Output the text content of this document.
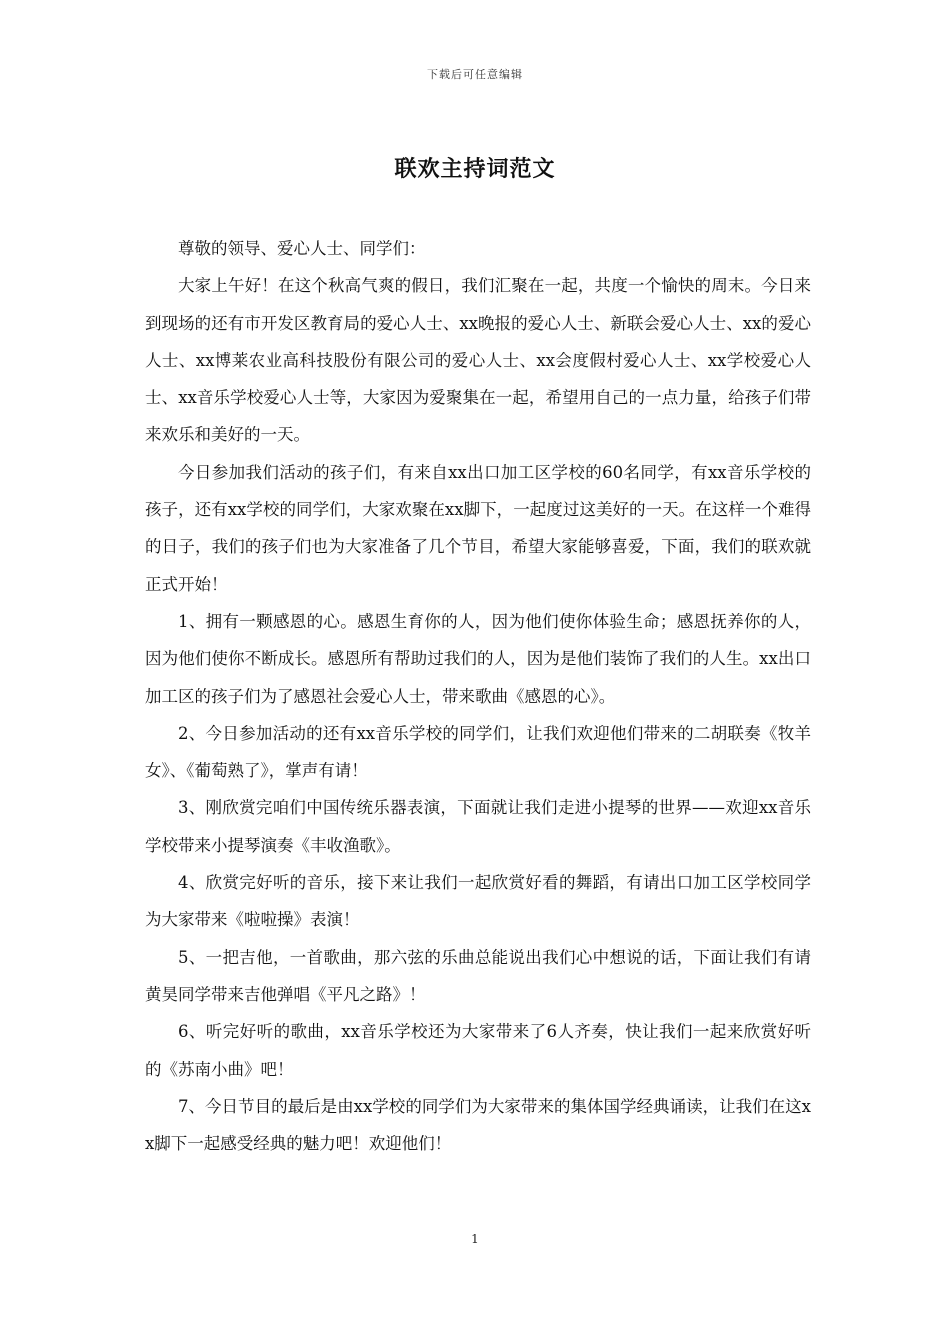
下载后可任意编辑
联欢主持词范文

尊敬的领导、爱心人士、同学们：

大家上午好！在这个秋高气爽的假日，我们汇聚在一起，共度一个愉快的周末。今日来到现场的还有市开发区教育局的爱心人士、xx晚报的爱心人士、新联会爱心人士、xx的爱心人士、xx博莱农业高科技股份有限公司的爱心人士、xx会度假村爱心人士、xx学校爱心人士、xx音乐学校爱心人士等，大家因为爱聚集在一起，希望用自己的一点力量，给孩子们带来欢乐和美好的一天。

今日参加我们活动的孩子们，有来自xx出口加工区学校的60名同学，有xx音乐学校的孩子，还有xx学校的同学们，大家欢聚在xx脚下，一起度过这美好的一天。在这样一个难得的日子，我们的孩子们也为大家准备了几个节目，希望大家能够喜爱，下面，我们的联欢就正式开始！

1、拥有一颗感恩的心。感恩生育你的人，因为他们使你体验生命；感恩抚养你的人，因为他们使你不断成长。感恩所有帮助过我们的人，因为是他们装饰了我们的人生。xx出口加工区的孩子们为了感恩社会爱心人士，带来歌曲《感恩的心》。

2、今日参加活动的还有xx音乐学校的同学们，让我们欢迎他们带来的二胡联奏《牧羊女》、《葡萄熟了》，掌声有请！

3、刚欣赏完咱们中国传统乐器表演，下面就让我们走进小提琴的世界——欢迎xx音乐学校带来小提琴演奏《丰收渔歌》。

4、欣赏完好听的音乐，接下来让我们一起欣赏好看的舞蹈，有请出口加工区学校同学为大家带来《啦啦操》表演！

5、一把吉他，一首歌曲，那六弦的乐曲总能说出我们心中想说的话，下面让我们有请黄昊同学带来吉他弹唱《平凡之路》！

6、听完好听的歌曲，xx音乐学校还为大家带来了6人齐奏，快让我们一起来欣赏好听的《苏南小曲》吧！

7、今日节目的最后是由xx学校的同学们为大家带来的集体国学经典诵读，让我们在这xx脚下一起感受经典的魅力吧！欢迎他们！

1
